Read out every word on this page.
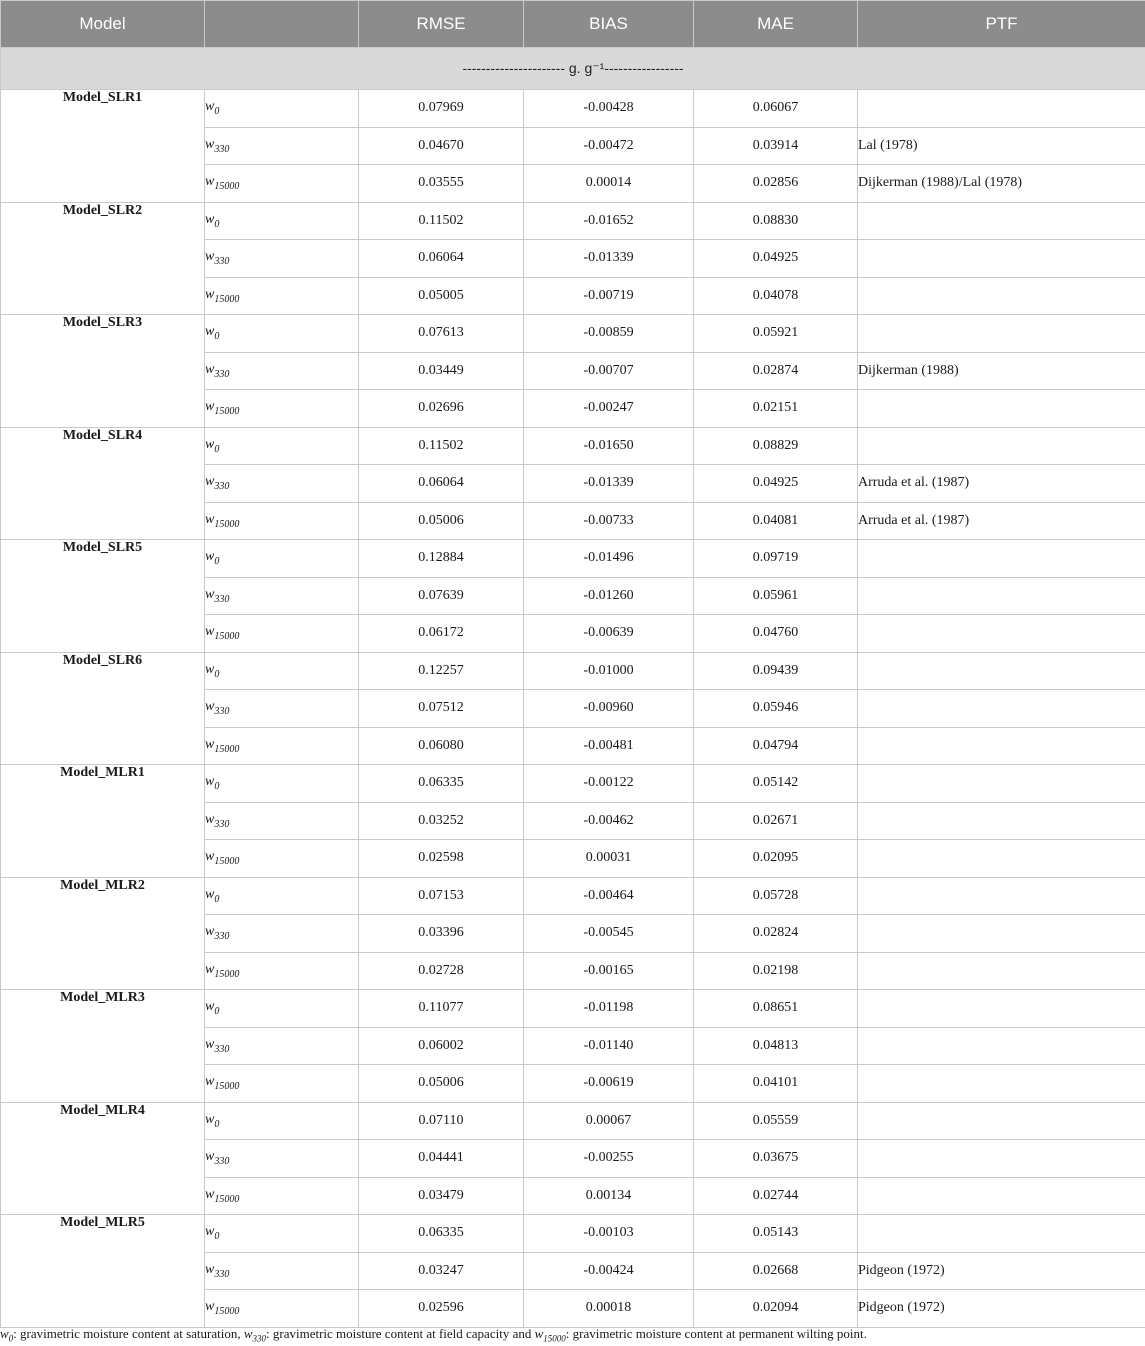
Model		RMSE	BIAS	MAE	PTF
---------------------- g. g⁻¹-----------------					
Model_SLR1	$w_0$	0.07969	-0.00428	0.06067	
	$w_{330}$	0.04670	-0.00472	0.03914	Lal (1978)
	$w_{15000}$	0.03555	0.00014	0.02856	Dijkerman (1988)/Lal (1978)
Model_SLR2	$w_0$	0.11502	-0.01652	0.08830	
	$w_{330}$	0.06064	-0.01339	0.04925	
	$w_{15000}$	0.05005	-0.00719	0.04078	
Model_SLR3	$w_0$	0.07613	-0.00859	0.05921	
	$w_{330}$	0.03449	-0.00707	0.02874	Dijkerman (1988)
	$w_{15000}$	0.02696	-0.00247	0.02151	
Model_SLR4	$w_0$	0.11502	-0.01650	0.08829	
	$w_{330}$	0.06064	-0.01339	0.04925	Arruda et al. (1987)
	$w_{15000}$	0.05006	-0.00733	0.04081	Arruda et al. (1987)
Model_SLR5	$w_0$	0.12884	-0.01496	0.09719	
	$w_{330}$	0.07639	-0.01260	0.05961	
	$w_{15000}$	0.06172	-0.00639	0.04760	
Model_SLR6	$w_0$	0.12257	-0.01000	0.09439	
	$w_{330}$	0.07512	-0.00960	0.05946	
	$w_{15000}$	0.06080	-0.00481	0.04794	
Model_MLR1	$w_0$	0.06335	-0.00122	0.05142	
	$w_{330}$	0.03252	-0.00462	0.02671	
	$w_{15000}$	0.02598	0.00031	0.02095	
Model_MLR2	$w_0$	0.07153	-0.00464	0.05728	
	$w_{330}$	0.03396	-0.00545	0.02824	
	$w_{15000}$	0.02728	-0.00165	0.02198	
Model_MLR3	$w_0$	0.11077	-0.01198	0.08651	
	$w_{330}$	0.06002	-0.01140	0.04813	
	$w_{15000}$	0.05006	-0.00619	0.04101	
Model_MLR4	$w_0$	0.07110	0.00067	0.05559	
	$w_{330}$	0.04441	-0.00255	0.03675	
	$w_{15000}$	0.03479	0.00134	0.02744	
Model_MLR5	$w_0$	0.06335	-0.00103	0.05143	
	$w_{330}$	0.03247	-0.00424	0.02668	Pidgeon (1972)
	$w_{15000}$	0.02596	0.00018	0.02094	Pidgeon (1972)
$w_0$: gravimetric moisture content at saturation, $w_{330}$: gravimetric moisture content at field capacity and $w_{15000}$: gravimetric moisture content at permanent wilting point.
